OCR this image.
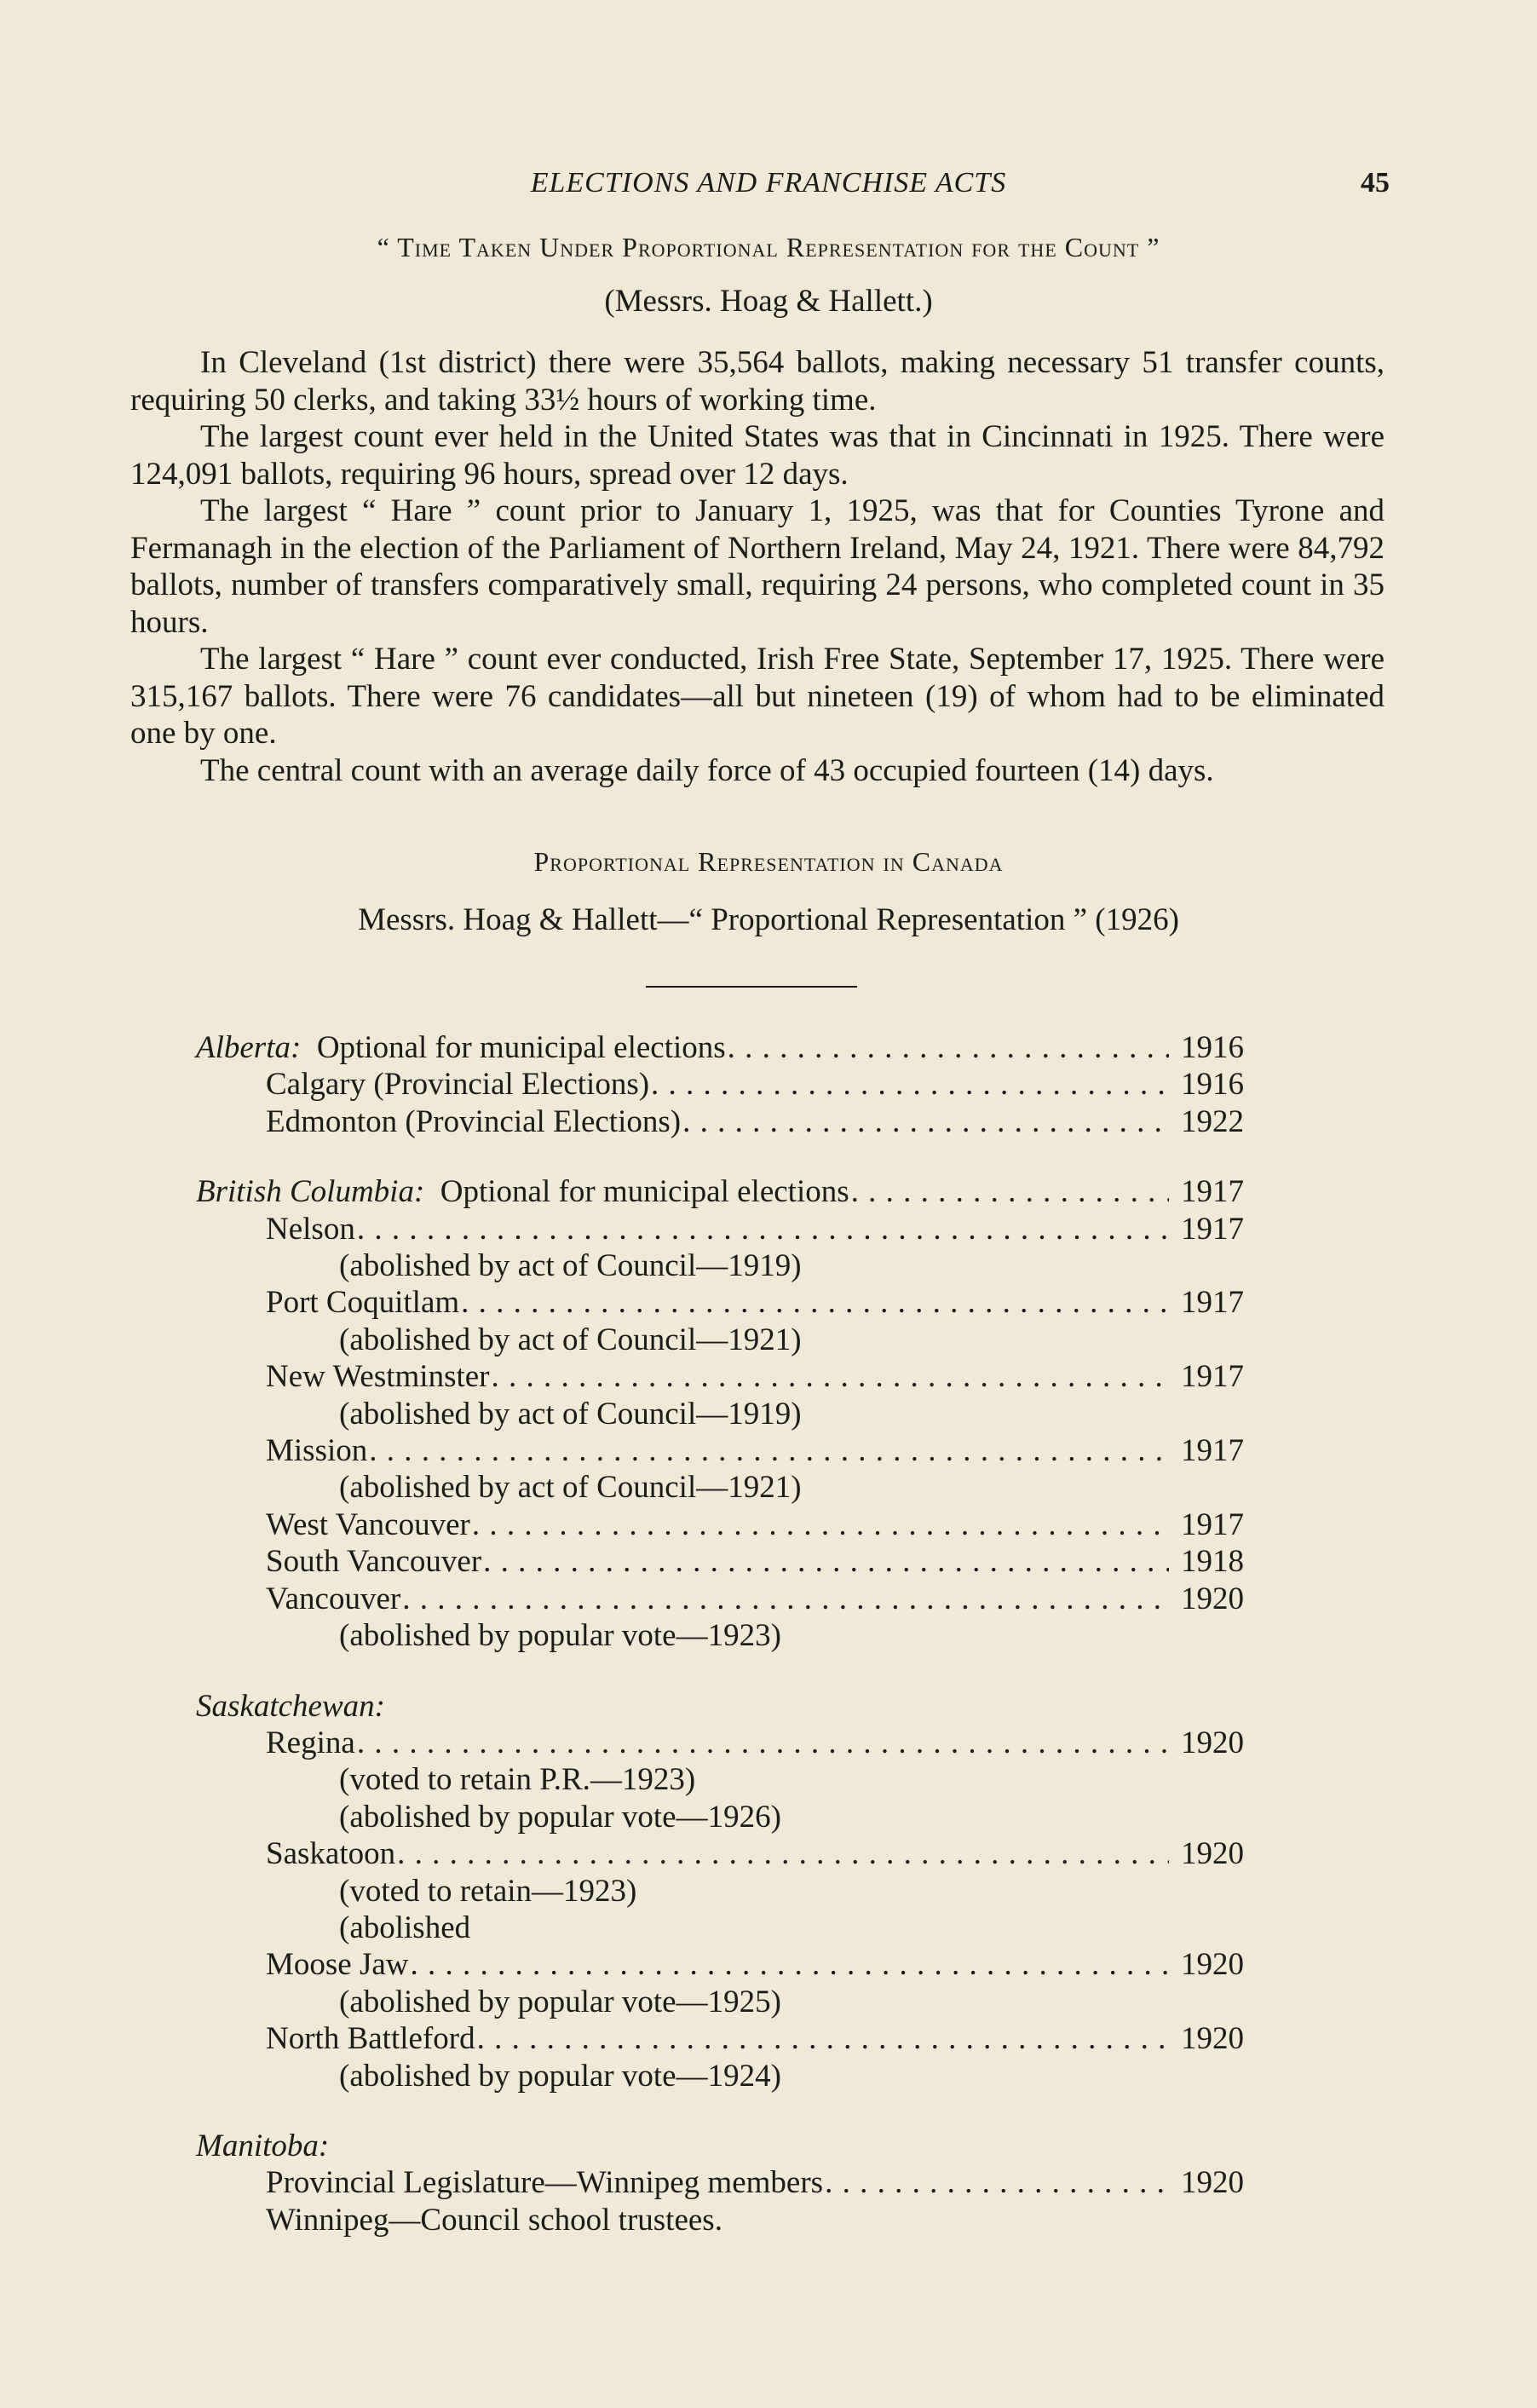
ELECTIONS AND FRANCHISE ACTS	45
“ Time Taken Under Proportional Representation for the Count ”
(Messrs. Hoag & Hallett.)

In Cleveland (1st district) there were 35,564 ballots, making necessary 51 transfer counts, requiring 50 clerks, and taking 33½ hours of working time.

The largest count ever held in the United States was that in Cincinnati in 1925. There were 124,091 ballots, requiring 96 hours, spread over 12 days.

The largest “ Hare ” count prior to January 1, 1925, was that for Counties Tyrone and Fermanagh in the election of the Parliament of Northern Ireland, May 24, 1921. There were 84,792 ballots, number of transfers comparatively small, requiring 24 persons, who completed count in 35 hours.

The largest “ Hare ” count ever conducted, Irish Free State, September 17, 1925. There were 315,167 ballots. There were 76 candidates—all but nineteen (19) of whom had to be eliminated one by one.

The central count with an average daily force of 43 occupied fourteen (14) days.

Proportional Representation in Canada
Messrs. Hoag & Hallett—“ Proportional Representation ” (1926)
Alberta: Optional for municipal elections . . .	1916
Calgary (Provincial Elections) . . .	1916
Edmonton (Provincial Elections) . . .	1922
British Columbia: Optional for municipal elections . . .	1917
Nelson . . .	1917
(abolished by act of Council—1919)
Port Coquitlam . . .	1917
(abolished by act of Council—1921)
New Westminster . . .	1917
(abolished by act of Council—1919)
Mission . . .	1917
(abolished by act of Council—1921)
West Vancouver . . .	1917
South Vancouver . . .	1918
Vancouver . . .	1920
(abolished by popular vote—1923)
Saskatchewan:
Regina . . .	1920
(voted to retain P.R.—1923)
(abolished by popular vote—1926)
Saskatoon . . .	1920
(voted to retain—1923)
(abolished
Moose Jaw . . .	1920
(abolished by popular vote—1925)
North Battleford . . .	1920
(abolished by popular vote—1924)
Manitoba:
Provincial Legislature—Winnipeg members . . .	1920
Winnipeg—Council school trustees.
